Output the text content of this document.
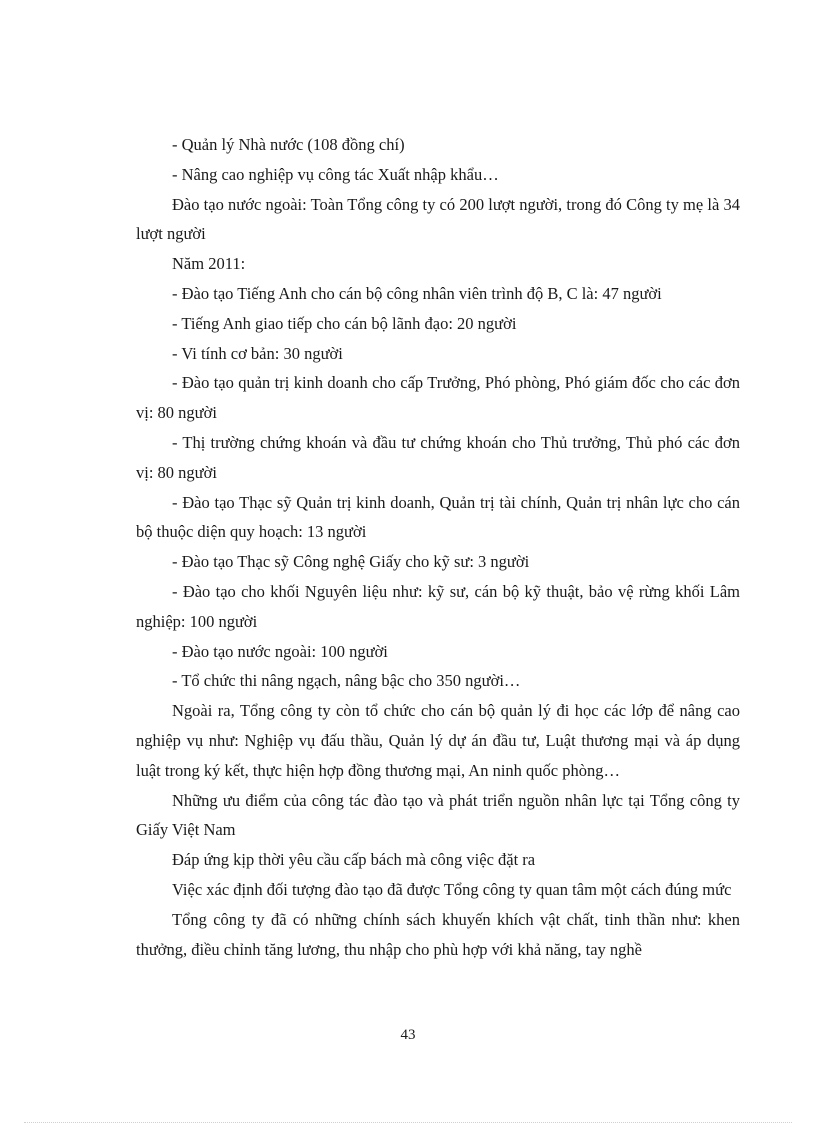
- Quản lý Nhà nước (108 đồng chí)

- Nâng cao nghiệp vụ công tác Xuất nhập khẩu…

Đào tạo nước ngoài: Toàn Tổng công ty có 200 lượt người, trong đó Công ty mẹ là 34 lượt người

Năm 2011:

- Đào tạo Tiếng Anh cho cán bộ công nhân viên trình độ B, C là: 47 người

- Tiếng Anh giao tiếp cho cán bộ lãnh đạo: 20 người

- Vi tính cơ bản: 30 người

- Đào tạo quản trị kinh doanh cho cấp Trưởng, Phó phòng, Phó giám đốc cho các đơn vị: 80 người

- Thị trường chứng khoán và đầu tư chứng khoán cho Thủ trưởng, Thủ phó các đơn vị: 80 người

- Đào tạo Thạc sỹ Quản trị kinh doanh, Quản trị tài chính, Quản trị nhân lực cho cán bộ thuộc diện quy hoạch: 13 người

- Đào tạo Thạc sỹ Công nghệ Giấy cho kỹ sư: 3 người

- Đào tạo cho khối Nguyên liệu như: kỹ sư, cán bộ kỹ thuật, bảo vệ rừng khối Lâm nghiệp: 100 người

- Đào tạo nước ngoài: 100 người

- Tổ chức thi nâng ngạch, nâng bậc cho 350 người…

Ngoài ra, Tổng công ty còn tổ chức cho cán bộ quản lý đi học các lớp để nâng cao nghiệp vụ như: Nghiệp vụ đấu thầu, Quản lý dự án đầu tư, Luật thương mại và áp dụng luật trong ký kết, thực hiện hợp đồng thương mại, An ninh quốc phòng…

Những ưu điểm của công tác đào tạo và phát triển nguồn nhân lực tại Tổng công ty Giấy Việt Nam

Đáp ứng kịp thời yêu cầu cấp bách mà công việc đặt ra

Việc xác định đối tượng đào tạo đã được Tổng công ty quan tâm một cách đúng mức

Tổng công ty đã có những chính sách khuyến khích vật chất, tinh thần như: khen thưởng, điều chỉnh tăng lương, thu nhập cho phù hợp với khả năng, tay nghề

43
